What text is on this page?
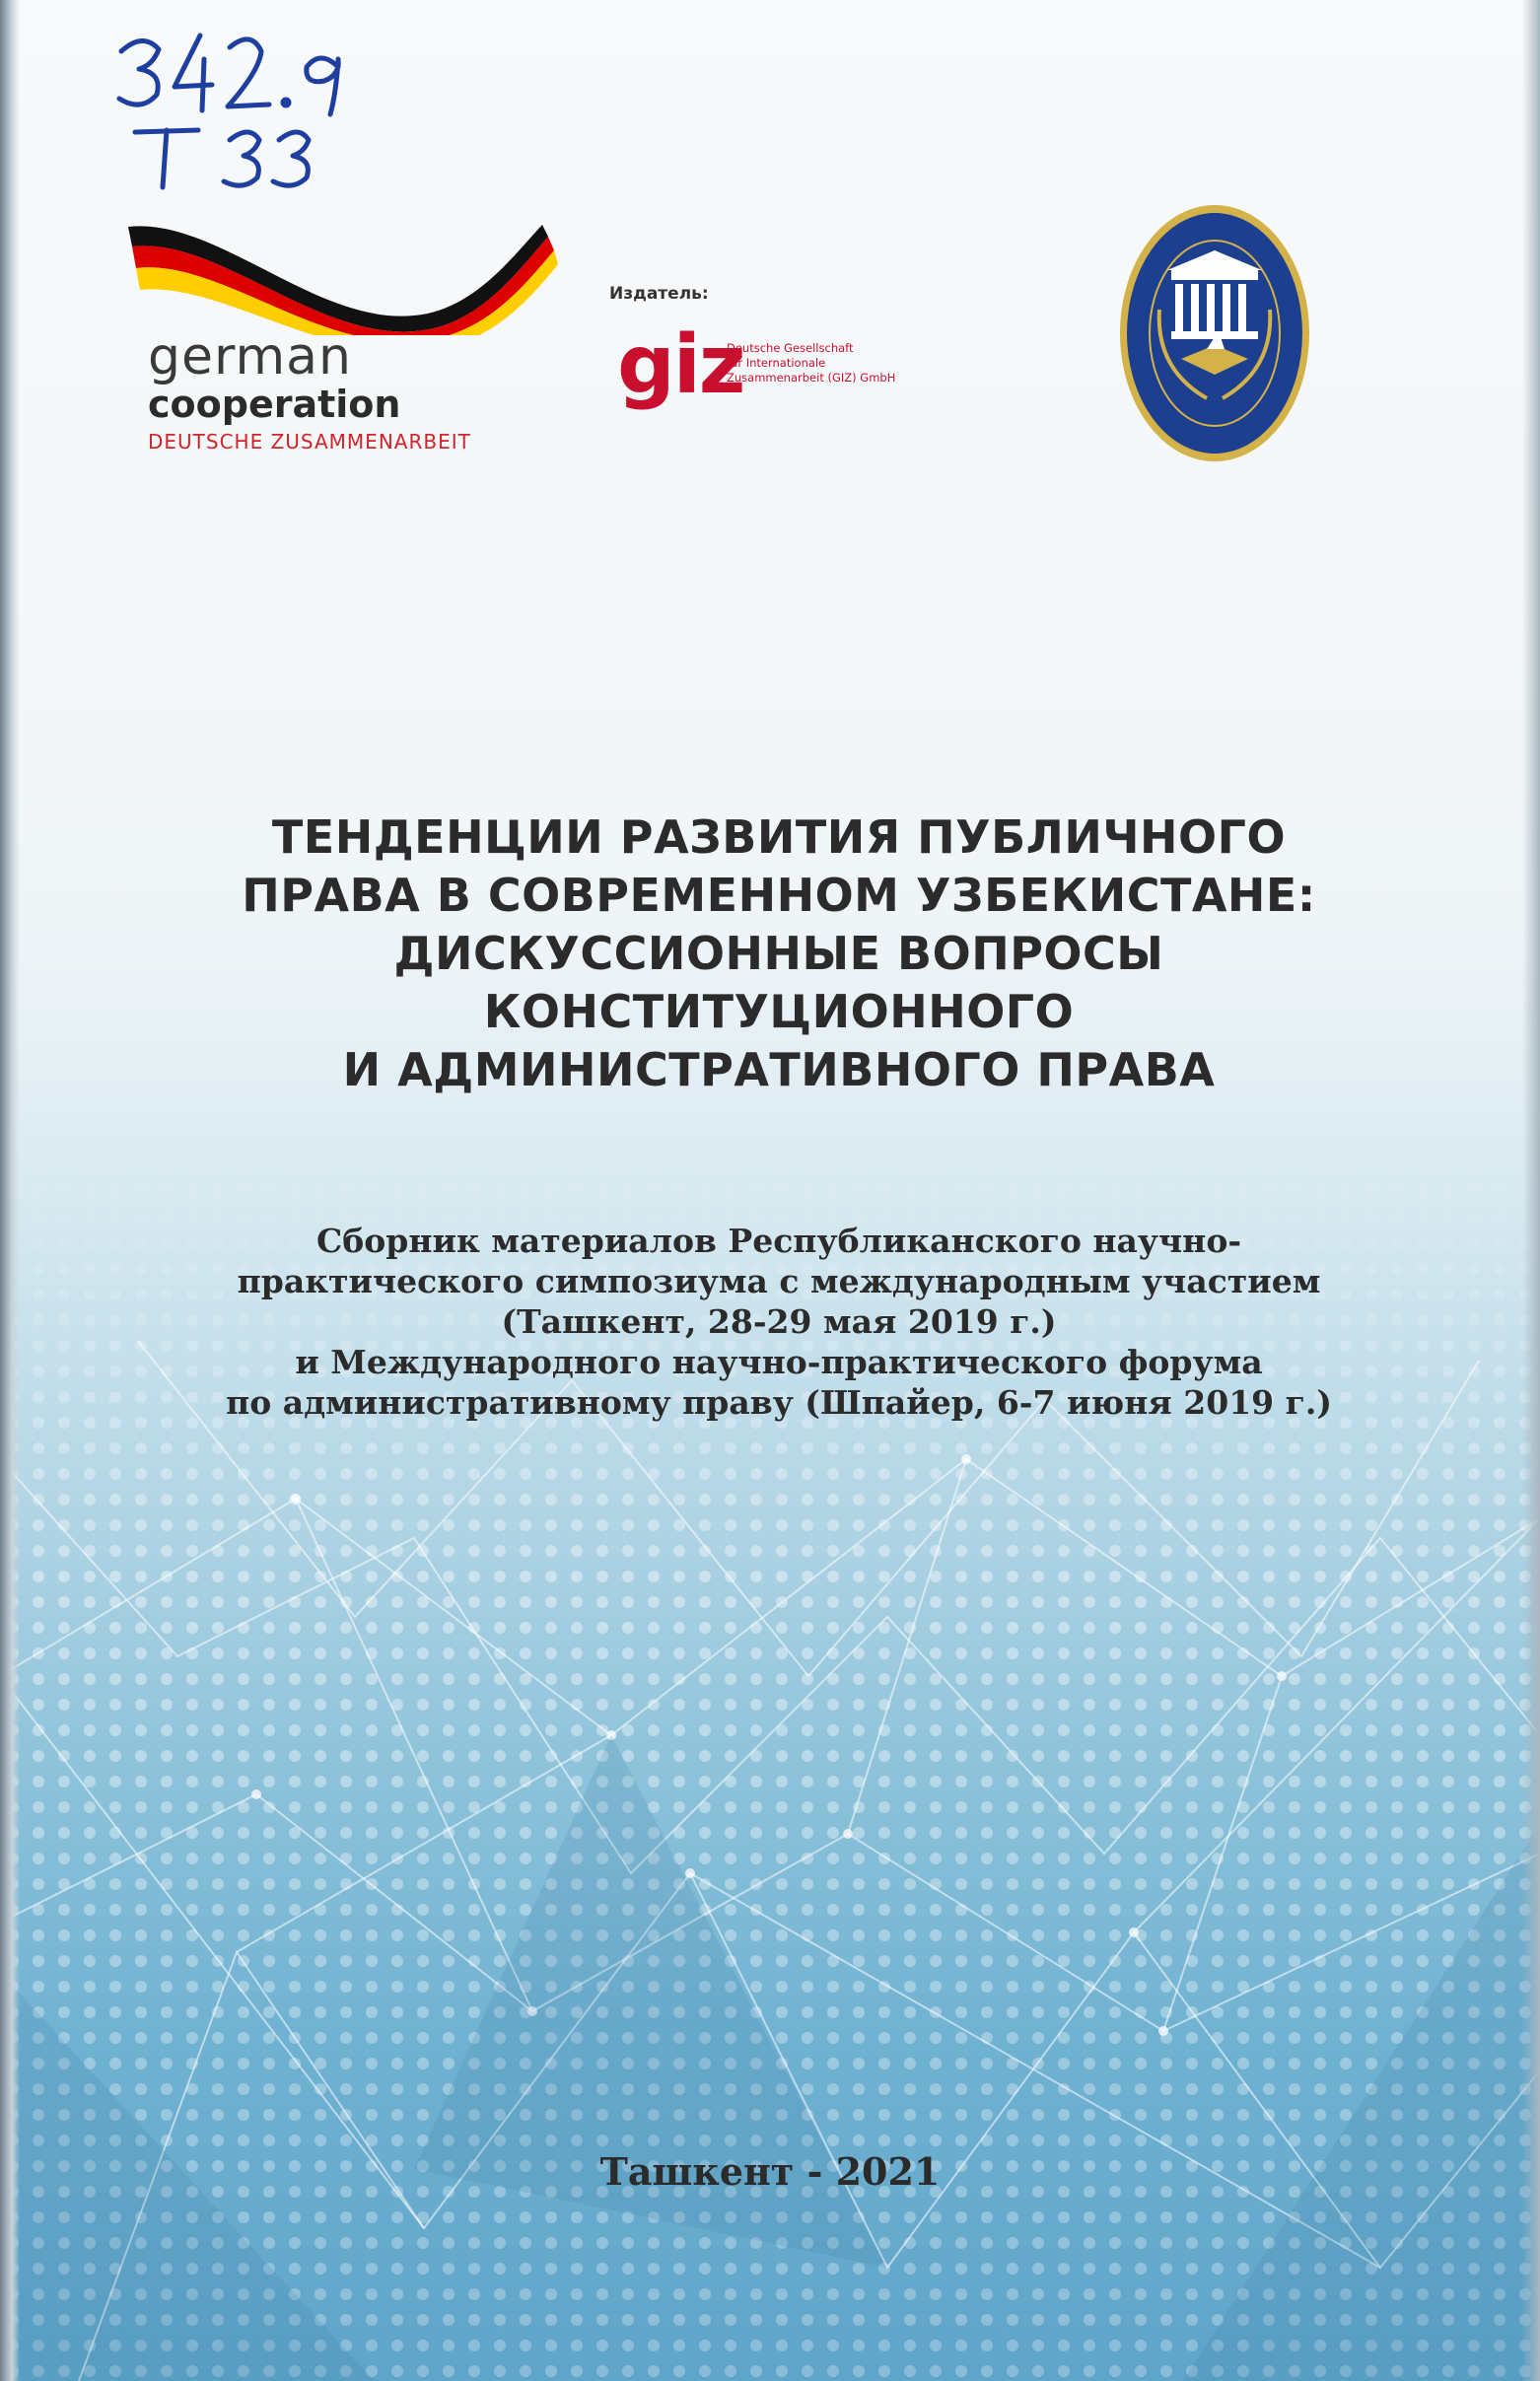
german
cooperation
DEUTSCHE ZUSAMMENARBEIT
Издатель:
giz
Deutsche Gesellschaft
für Internationale
Zusammenarbeit (GIZ) GmbH
ТЕНДЕНЦИИ РАЗВИТИЯ ПУБЛИЧНОГО
ПРАВА В СОВРЕМЕННОМ УЗБЕКИСТАНЕ:
ДИСКУССИОННЫЕ ВОПРОСЫ
КОНСТИТУЦИОННОГО
И АДМИНИСТРАТИВНОГО ПРАВА
Сборник материалов Республиканского научно-
практического симпозиума с международным участием
(Ташкент, 28-29 мая 2019 г.)
и Международного научно-практического форума
по административному праву (Шпайер, 6-7 июня 2019 г.)
Ташкент - 2021
